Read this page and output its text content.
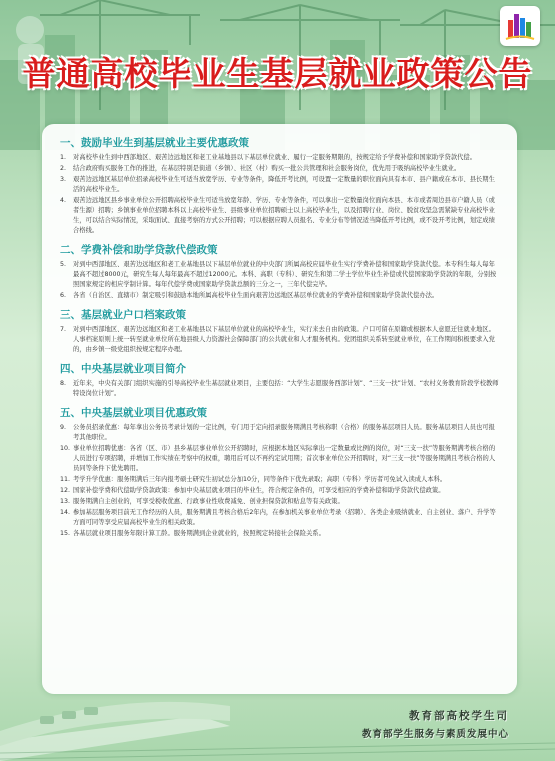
普通高校毕业生基层就业政策公告
一、鼓励毕业生到基层就业主要优惠政策
1.	对高校毕业生到中西部地区、艰苦边远地区和老工业基地县以下基层单位就业、履行一定服务期限的，按规定给予学费补偿和国家助学贷款代偿。
2.	结合政府购买服务工作的推进，在基层特别是街道（乡镇）、社区（村）购买一批公共管理和社会服务岗位，优先用于吸纳高校毕业生就业。
3.	艰苦边远地区基层单位招录高校毕业生可适当放宽学历、专业等条件，降低开考比例，可设置一定数量的职位面向具有本市、县户籍或在本市、县长期生活的高校毕业生。
4.	艰苦边远地区县乡事业单位公开招聘高校毕业生可适当放宽年龄、学历、专业等条件，可以拿出一定数量岗位面向本县、本市或者周边县市户籍人员（或者生源）招聘；乡镇事业单位招聘本科以上高校毕业生、县级事业单位招聘硕士以上高校毕业生，以及招聘行业、岗位、脱贫攻坚急需紧缺专业高校毕业生，可以结合实际情况，采取面试、直接考察的方式公开招聘；可以根据应聘人员报名、专业分布等情况适当降低开考比例，或不设开考比例，划定成绩合格线。
二、学费补偿和助学贷款代偿政策
5.	对到中西部地区、艰苦边远地区和老工业基地县以下基层单位就业的中央部门所属高校应届毕业生实行学费补偿和国家助学贷款代偿。本专科生每人每年最高不超过8000元，研究生每人每年最高不超过12000元。本科、高职（专科）、研究生和第二学士学位毕业生补偿或代偿国家助学贷款的年限，分别按照国家规定的相应学制计算。每年代偿学费或国家助学贷款总额的三分之一，三年代偿完毕。
6.	各省（自治区、直辖市）制定吸引和鼓励本地所属高校毕业生面向艰苦边远地区基层单位就业的学费补偿和国家助学贷款代偿办法。
三、基层就业户口档案政策
7.	对到中西部地区、艰苦边远地区和老工业基地县以下基层单位就业的高校毕业生，实行来去自由的政策。户口可留在原籍或根据本人意愿迁往就业地区。人事档案原则上统一转至就业单位所在地县级人力资源社会保障部门的公共就业和人才服务机构。党团组织关系转至就业单位，在工作期间积极要求入党的，由乡镇一级党组织按规定程序办理。
四、中央基层就业项目简介
8.	近年来，中央有关部门组织实施的引导高校毕业生基层就业项目，主要包括：“大学生志愿服务西部计划”、“三支一扶”计划、“农村义务教育阶段学校教师特设岗位计划”。
五、中央基层就业项目优惠政策
9.	公务员招录优惠：每年拿出公务员考录计划的一定比例，专门用于定向招录服务期满且考核称职（合格）的服务基层项目人员。服务基层项目人员也可报考其他职位。
10. 事业单位招聘优惠：各省（区、市）县乡基层事业单位公开招聘时，应根据本地区实际拿出一定数量或比例的岗位，对“三支一扶”等服务期满考核合格的人员进行专项招聘，并增加工作实绩在考察中的权重，聘用后可以不再约定试用期；首次事业单位公开招聘时，对“三支一扶”等服务期满且考核合格的人员同等条件下优先聘用。
11. 考学升学优惠：服务期满后三年内报考硕士研究生初试总分加10分，同等条件下优先录取；高职（专科）学历者可免试入读成人本科。
12. 国家补偿学费和代偿助学贷款政策：参加中央基层就业项目的毕业生，符合规定条件的，可享受相应的学费补偿和助学贷款代偿政策。
13. 服务期满自主创业的，可享受税收优惠、行政事业性收费减免、创业担保贷款和贴息等有关政策。
14. 参加基层服务项目前无工作经历的人员，服务期满且考核合格后2年内，在参加机关事业单位考录（招聘）、各类企业吸纳就业、自主创业、落户、升学等方面可同等享受应届高校毕业生的相关政策。
15. 各基层就业项目服务年限计算工龄。服务期满到企业就业的，按照规定转接社会保险关系。
教育部高校学生司
教育部学生服务与素质发展中心
